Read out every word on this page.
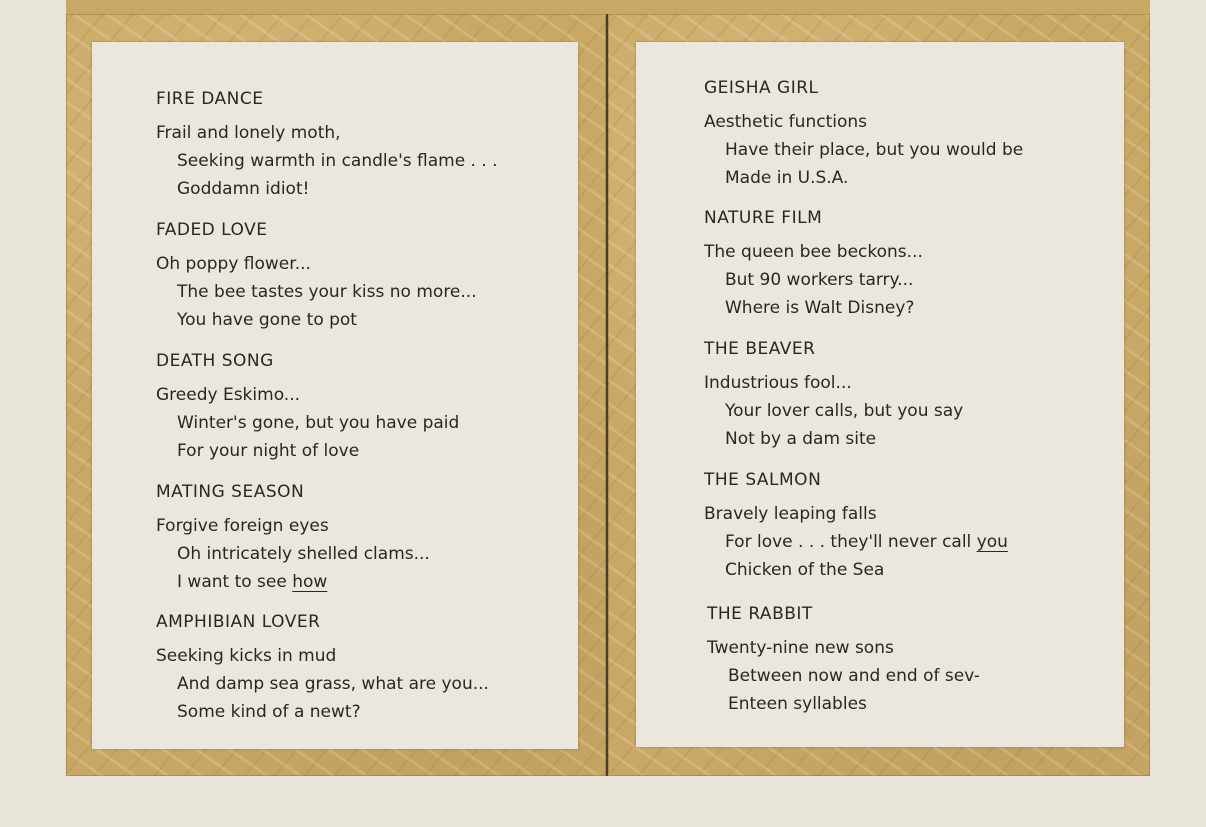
FIRE DANCE
Frail and lonely moth,
Seeking warmth in candle's flame . . .
Goddamn idiot!
FADED LOVE
Oh poppy flower...
The bee tastes your kiss no more...
You have gone to pot
DEATH SONG
Greedy Eskimo...
Winter's gone, but you have paid
For your night of love
MATING SEASON
Forgive foreign eyes
Oh intricately shelled clams...
I want to see how
AMPHIBIAN LOVER
Seeking kicks in mud
And damp sea grass, what are you...
Some kind of a newt?
GEISHA GIRL
Aesthetic functions
Have their place, but you would be
Made in U.S.A.
NATURE FILM
The queen bee beckons...
But 90 workers tarry...
Where is Walt Disney?
THE BEAVER
Industrious fool...
Your lover calls, but you say
Not by a dam site
THE SALMON
Bravely leaping falls
For love . . . they'll never call you
Chicken of the Sea
THE RABBIT
Twenty-nine new sons
Between now and end of sev-
Enteen syllables
